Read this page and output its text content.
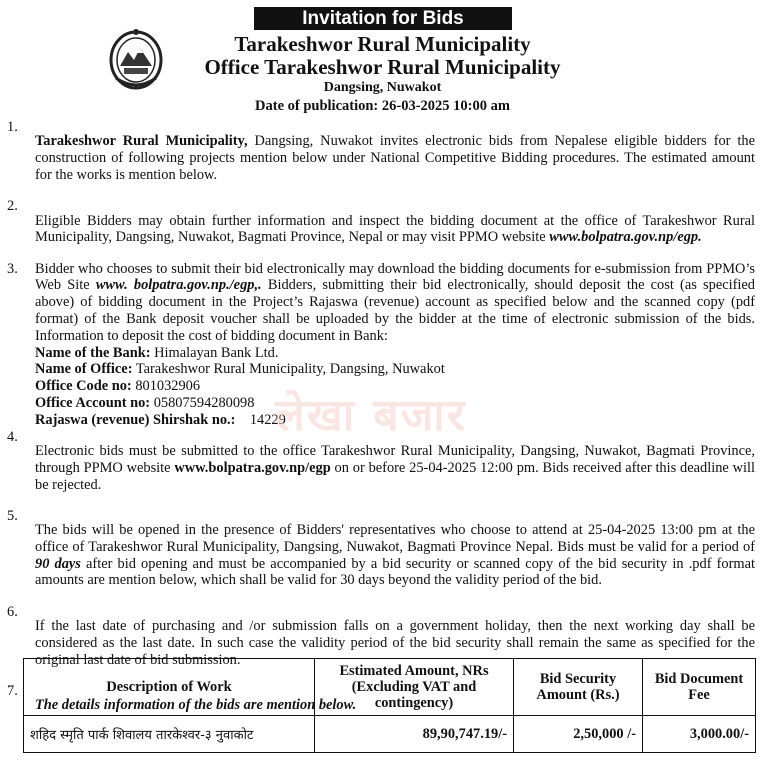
Invitation for Bids
Tarakeshwor Rural Municipality
Office Tarakeshwor Rural Municipality
Dangsing, Nuwakot
Date of publication: 26-03-2025 10:00 am
1.

Tarakeshwor Rural Municipality, Dangsing, Nuwakot invites electronic bids from Nepalese eligible bidders for the construction of following projects mention below under National Competitive Bidding procedures. The estimated amount for the works is mention below.

2.

Eligible Bidders may obtain further information and inspect the bidding document at the office of Tarakeshwor Rural Municipality, Dangsing, Nuwakot, Bagmati Province, Nepal or may visit PPMO website www.bolpatra.gov.np/egp.

3.	Bidder who chooses to submit their bid electronically may download the bidding documents for e-submission from PPMO’s Web Site www. bolpatra.gov.np./egp,. Bidders, submitting their bid electronically, should deposit the cost (as specified above) of bidding document in the Project’s Rajaswa (revenue) account as specified below and the scanned copy (pdf format) of the Bank deposit voucher shall be uploaded by the bidder at the time of electronic submission of the bids. Information to deposit the cost of bidding document in Bank:

Name of the Bank: Himalayan Bank Ltd.
Name of Office: Tarakeshwor Rural Municipality, Dangsing, Nuwakot
Office Code no: 801032906
Office Account no: 05807594280098
Rajaswa (revenue) Shirshak no.:    14229
4.

Electronic bids must be submitted to the office Tarakeshwor Rural Municipality, Dangsing, Nuwakot, Bagmati Province, through PPMO website www.bolpatra.gov.np/egp on or before 25-04-2025 12:00 pm. Bids received after this deadline will be rejected.

5.

The bids will be opened in the presence of Bidders' representatives who choose to attend at 25-04-2025 13:00 pm at the office of Tarakeshwor Rural Municipality, Dangsing, Nuwakot, Bagmati Province Nepal. Bids must be valid for a period of 90 days after bid opening and must be accompanied by a bid security or scanned copy of the bid security in .pdf format amounts are mention below, which shall be valid for 30 days beyond the validity period of the bid.

6.

If the last date of purchasing and /or submission falls on a government holiday, then the next working day shall be considered as the last date. In such case the validity period of the bid security shall remain the same as specified for the original last date of bid submission.

7.

The details information of the bids are mention below.

लेखा बजार
Description of Work	Estimated Amount, NRs (Excluding VAT and contingency)	Bid Security Amount (Rs.)	Bid Document Fee
शहिद स्मृति पार्क शिवालय तारकेश्वर-३ नुवाकोट	89,90,747.19/-	2,50,000 /-	3,000.00/-
